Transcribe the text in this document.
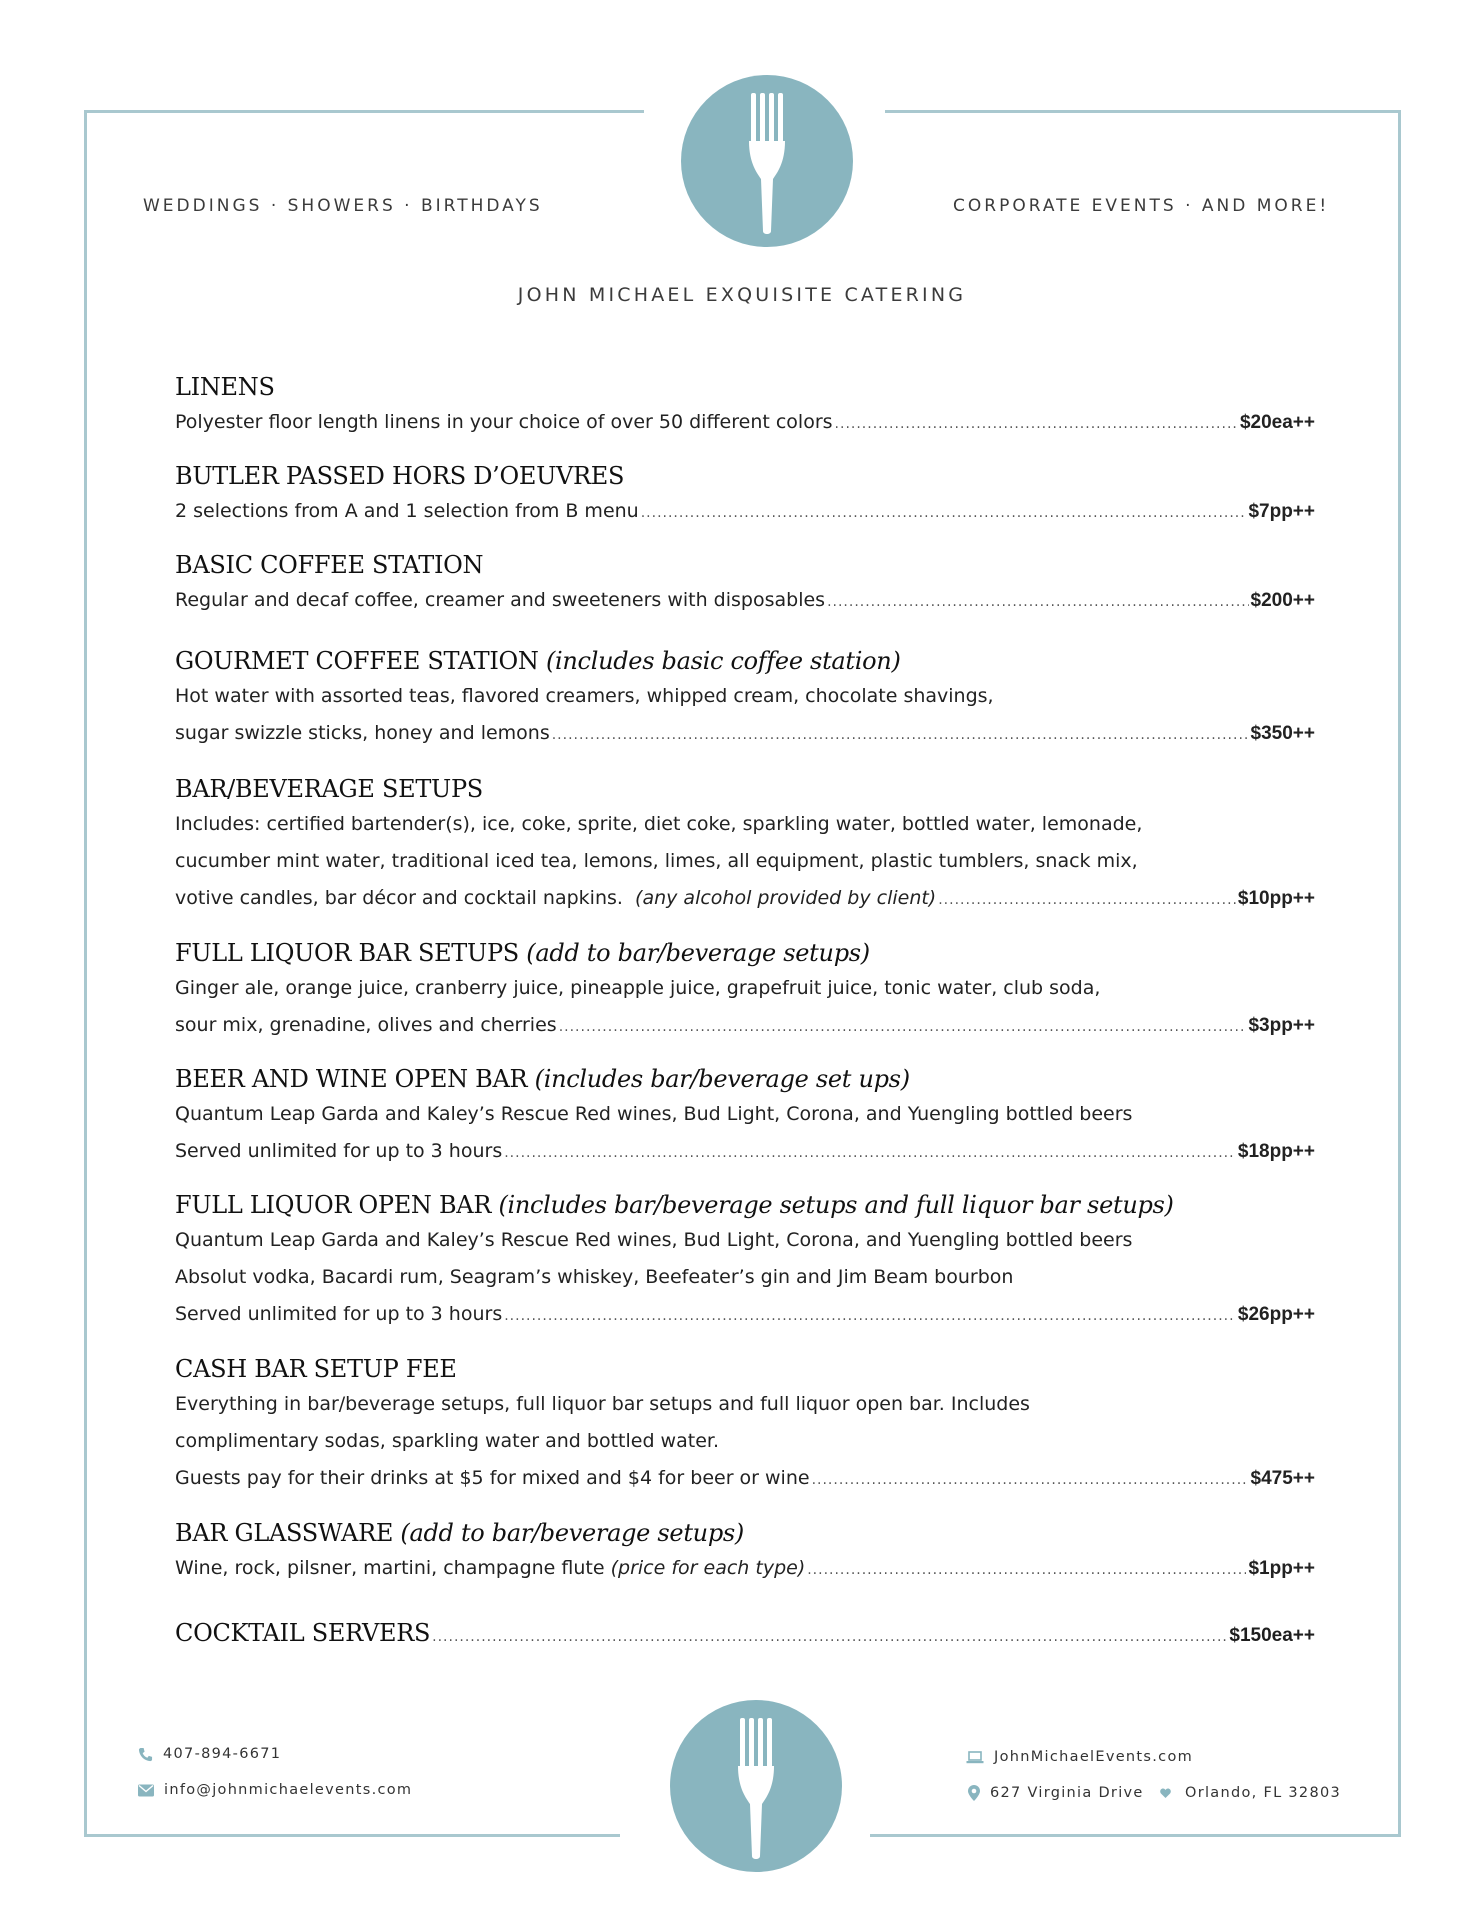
WEDDINGS · SHOWERS · BIRTHDAYS	CORPORATE EVENTS · AND MORE!
JOHN MICHAEL EXQUISITE CATERING
LINENS
Polyester floor length linens in your choice of over 50 different colors .....	$20ea++
BUTLER PASSED HORS D’OEUVRES
2 selections from A and 1 selection from B menu .....	$7pp++
BASIC COFFEE STATION
Regular and decaf coffee, creamer and sweeteners with disposables .....	$200++
GOURMET COFFEE STATION (includes basic coffee station)
Hot water with assorted teas, flavored creamers, whipped cream, chocolate shavings,
sugar swizzle sticks, honey and lemons .....	$350++
BAR/BEVERAGE SETUPS
Includes: certified bartender(s), ice, coke, sprite, diet coke, sparkling water, bottled water, lemonade,
cucumber mint water, traditional iced tea, lemons, limes, all equipment, plastic tumblers, snack mix,
votive candles, bar décor and cocktail napkins. (any alcohol provided by client) .....	$10pp++
FULL LIQUOR BAR SETUPS (add to bar/beverage setups)
Ginger ale, orange juice, cranberry juice, pineapple juice, grapefruit juice, tonic water, club soda,
sour mix, grenadine, olives and cherries .....	$3pp++
BEER AND WINE OPEN BAR (includes bar/beverage set ups)
Quantum Leap Garda and Kaley’s Rescue Red wines, Bud Light, Corona, and Yuengling bottled beers
Served unlimited for up to 3 hours .....	$18pp++
FULL LIQUOR OPEN BAR (includes bar/beverage setups and full liquor bar setups)
Quantum Leap Garda and Kaley’s Rescue Red wines, Bud Light, Corona, and Yuengling bottled beers
Absolut vodka, Bacardi rum, Seagram’s whiskey, Beefeater’s gin and Jim Beam bourbon
Served unlimited for up to 3 hours .....	$26pp++
CASH BAR SETUP FEE
Everything in bar/beverage setups, full liquor bar setups and full liquor open bar. Includes
complimentary sodas, sparkling water and bottled water.
Guests pay for their drinks at $5 for mixed and $4 for beer or wine .....	$475++
BAR GLASSWARE (add to bar/beverage setups)
Wine, rock, pilsner, martini, champagne flute (price for each type) .....	$1pp++
COCKTAIL SERVERS .....	$150ea++
407-894-6671
info@johnmichaelevents.com
JohnMichaelEvents.com
627 Virginia Drive	Orlando, FL 32803
